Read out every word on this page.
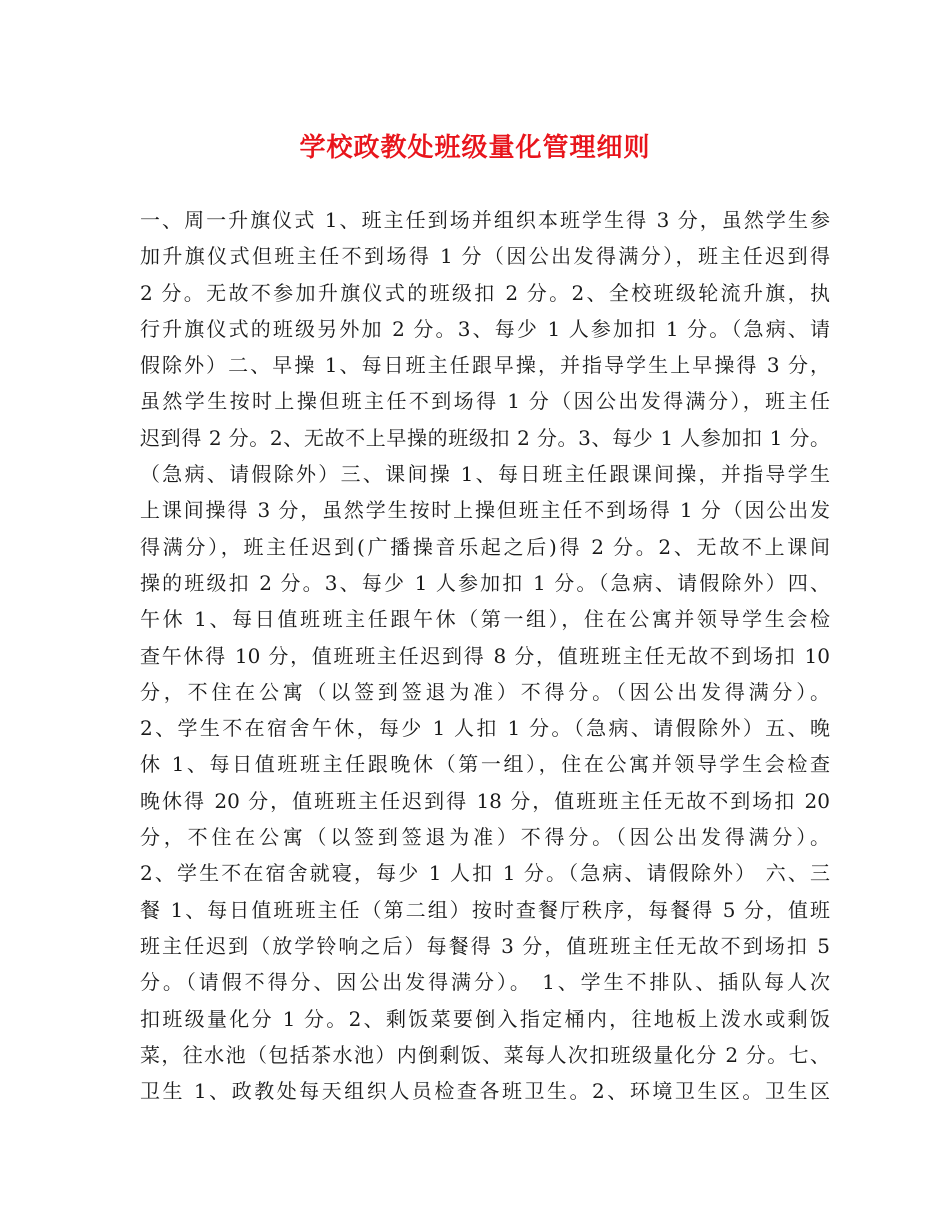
学校政教处班级量化管理细则
一、周一升旗仪式 1、班主任到场并组织本班学生得 3 分，虽然学生参
加升旗仪式但班主任不到场得 1 分（因公出发得满分），班主任迟到得
2 分。无故不参加升旗仪式的班级扣 2 分。2、全校班级轮流升旗，执
行升旗仪式的班级另外加 2 分。3、每少 1 人参加扣 1 分。（急病、请
假除外）二、早操 1、每日班主任跟早操，并指导学生上早操得 3 分，
虽然学生按时上操但班主任不到场得 1 分（因公出发得满分），班主任
迟到得 2 分。2、无故不上早操的班级扣 2 分。3、每少 1 人参加扣 1 分。
（急病、请假除外）三、课间操 1、每日班主任跟课间操，并指导学生
上课间操得 3 分，虽然学生按时上操但班主任不到场得 1 分（因公出发
得满分），班主任迟到(广播操音乐起之后)得 2 分。2、无故不上课间
操的班级扣 2 分。3、每少 1 人参加扣 1 分。（急病、请假除外）四、
午休 1、每日值班班主任跟午休（第一组），住在公寓并领导学生会检
查午休得 10 分，值班班主任迟到得 8 分，值班班主任无故不到场扣 10
分，不住在公寓（以签到签退为准）不得分。（因公出发得满分）。
2、学生不在宿舍午休，每少 1 人扣 1 分。（急病、请假除外）五、晚
休 1、每日值班班主任跟晚休（第一组），住在公寓并领导学生会检查
晚休得 20 分，值班班主任迟到得 18 分，值班班主任无故不到场扣 20
分，不住在公寓（以签到签退为准）不得分。（因公出发得满分）。
2、学生不在宿舍就寝，每少 1 人扣 1 分。（急病、请假除外） 六、三
餐 1、每日值班班主任（第二组）按时查餐厅秩序，每餐得 5 分，值班
班主任迟到（放学铃响之后）每餐得 3 分，值班班主任无故不到场扣 5
分。（请假不得分、因公出发得满分）。 1、学生不排队、插队每人次
扣班级量化分 1 分。2、剩饭菜要倒入指定桶内，往地板上泼水或剩饭
菜，往水池（包括茶水池）内倒剩饭、菜每人次扣班级量化分 2 分。七、
卫生 1、政教处每天组织人员检查各班卫生。2、环境卫生区。卫生区
